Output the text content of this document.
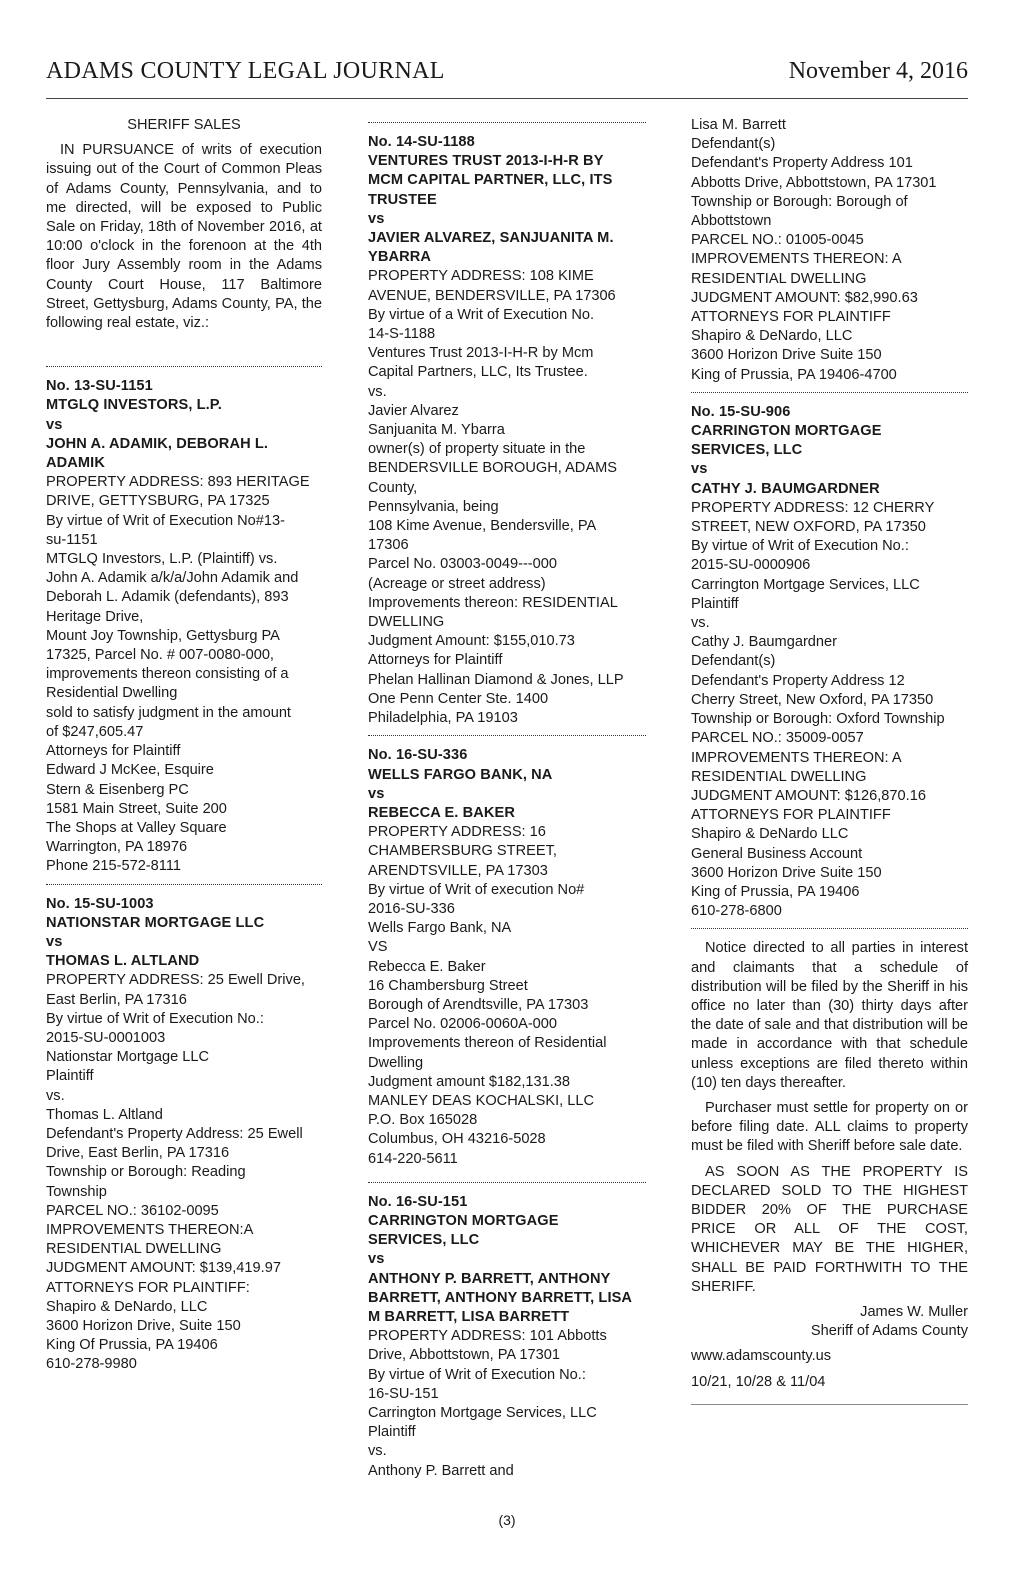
ADAMS COUNTY LEGAL JOURNAL	November 4, 2016

SHERIFF SALES

IN PURSUANCE of writs of execution issuing out of the Court of Common Pleas of Adams County, Pennsylvania, and to me directed, will be exposed to Public Sale on Friday, 18th of November 2016, at 10:00 o'clock in the forenoon at the 4th floor Jury Assembly room in the Adams County Court House, 117 Baltimore Street, Gettysburg, Adams County, PA, the following real estate, viz.:

No. 13-SU-1151
MTGLQ INVESTORS, L.P.
vs
JOHN A. ADAMIK, DEBORAH L.
ADAMIK
PROPERTY ADDRESS: 893 HERITAGE
DRIVE, GETTYSBURG, PA 17325
By virtue of Writ of Execution No#13-
su-1151
MTGLQ Investors, L.P. (Plaintiff) vs.
John A. Adamik a/k/a/John Adamik and
Deborah L. Adamik (defendants), 893
Heritage Drive,
Mount Joy Township, Gettysburg PA
17325, Parcel No. # 007-0080-000,
improvements thereon consisting of a
Residential Dwelling
sold to satisfy judgment in the amount
of $247,605.47
Attorneys for Plaintiff
Edward J McKee, Esquire
Stern & Eisenberg PC
1581 Main Street, Suite 200
The Shops at Valley Square
Warrington, PA 18976
Phone 215-572-8111
No. 15-SU-1003
NATIONSTAR MORTGAGE LLC
vs
THOMAS L. ALTLAND
PROPERTY ADDRESS: 25 Ewell Drive,
East Berlin, PA 17316
By virtue of Writ of Execution No.:
2015-SU-0001003
Nationstar Mortgage LLC
Plaintiff
vs.
Thomas L. Altland
Defendant's Property Address: 25 Ewell
Drive, East Berlin, PA 17316
Township or Borough: Reading
Township
PARCEL NO.: 36102-0095
IMPROVEMENTS THEREON:A
RESIDENTIAL DWELLING
JUDGMENT AMOUNT: $139,419.97
ATTORNEYS FOR PLAINTIFF:
Shapiro & DeNardo, LLC
3600 Horizon Drive, Suite 150
King Of Prussia, PA 19406
610-278-9980
No. 14-SU-1188
VENTURES TRUST 2013-I-H-R BY
MCM CAPITAL PARTNER, LLC, ITS
TRUSTEE
vs
JAVIER ALVAREZ, SANJUANITA M.
YBARRA
PROPERTY ADDRESS: 108 KIME
AVENUE, BENDERSVILLE, PA 17306
By virtue of a Writ of Execution No.
14-S-1188
Ventures Trust 2013-I-H-R by Mcm
Capital Partners, LLC, Its Trustee.
vs.
Javier Alvarez
Sanjuanita M. Ybarra
owner(s) of property situate in the
BENDERSVILLE BOROUGH, ADAMS
County,
Pennsylvania, being
108 Kime Avenue, Bendersville, PA
17306
Parcel No. 03003-0049---000
(Acreage or street address)
Improvements thereon: RESIDENTIAL
DWELLING
Judgment Amount: $155,010.73
Attorneys for Plaintiff
Phelan Hallinan Diamond & Jones, LLP
One Penn Center Ste. 1400
Philadelphia, PA 19103
No. 16-SU-336
WELLS FARGO BANK, NA
vs
REBECCA E. BAKER
PROPERTY ADDRESS: 16
CHAMBERSBURG STREET,
ARENDTSVILLE, PA 17303
By virtue of Writ of execution No#
2016-SU-336
Wells Fargo Bank, NA
VS
Rebecca E. Baker
16 Chambersburg Street
Borough of Arendtsville, PA 17303
Parcel No. 02006-0060A-000
Improvements thereon of Residential
Dwelling
Judgment amount $182,131.38
MANLEY DEAS KOCHALSKI, LLC
P.O. Box 165028
Columbus, OH 43216-5028
614-220-5611
No. 16-SU-151
CARRINGTON MORTGAGE
SERVICES, LLC
vs
ANTHONY P. BARRETT, ANTHONY
BARRETT, ANTHONY BARRETT, LISA
M BARRETT, LISA BARRETT
PROPERTY ADDRESS: 101 Abbotts
Drive, Abbottstown, PA 17301
By virtue of Writ of Execution No.:
16-SU-151
Carrington Mortgage Services, LLC
Plaintiff
vs.
Anthony P. Barrett and
Lisa M. Barrett
Defendant(s)
Defendant's Property Address 101
Abbotts Drive, Abbottstown, PA 17301
Township or Borough: Borough of
Abbottstown
PARCEL NO.: 01005-0045
IMPROVEMENTS THEREON: A
RESIDENTIAL DWELLING
JUDGMENT AMOUNT: $82,990.63
ATTORNEYS FOR PLAINTIFF
Shapiro & DeNardo, LLC
3600 Horizon Drive Suite 150
King of Prussia, PA 19406-4700
No. 15-SU-906
CARRINGTON MORTGAGE
SERVICES, LLC
vs
CATHY J. BAUMGARDNER
PROPERTY ADDRESS: 12 CHERRY
STREET, NEW OXFORD, PA 17350
By virtue of Writ of Execution No.:
2015-SU-0000906
Carrington Mortgage Services, LLC
Plaintiff
vs.
Cathy J. Baumgardner
Defendant(s)
Defendant's Property Address 12
Cherry Street, New Oxford, PA 17350
Township or Borough: Oxford Township
PARCEL NO.: 35009-0057
IMPROVEMENTS THEREON: A
RESIDENTIAL DWELLING
JUDGMENT AMOUNT: $126,870.16
ATTORNEYS FOR PLAINTIFF
Shapiro & DeNardo LLC
General Business Account
3600 Horizon Drive Suite 150
King of Prussia, PA 19406
610-278-6800

Notice directed to all parties in interest and claimants that a schedule of distribution will be filed by the Sheriff in his office no later than (30) thirty days after the date of sale and that distribution will be made in accordance with that schedule unless exceptions are filed thereto within (10) ten days thereafter.

Purchaser must settle for property on or before filing date. ALL claims to property must be filed with Sheriff before sale date.

AS SOON AS THE PROPERTY IS DECLARED SOLD TO THE HIGHEST BIDDER 20% OF THE PURCHASE PRICE OR ALL OF THE COST, WHICHEVER MAY BE THE HIGHER, SHALL BE PAID FORTHWITH TO THE SHERIFF.

James W. Muller

Sheriff of Adams County

www.adamscounty.us

10/21, 10/28 & 11/04

(3)
